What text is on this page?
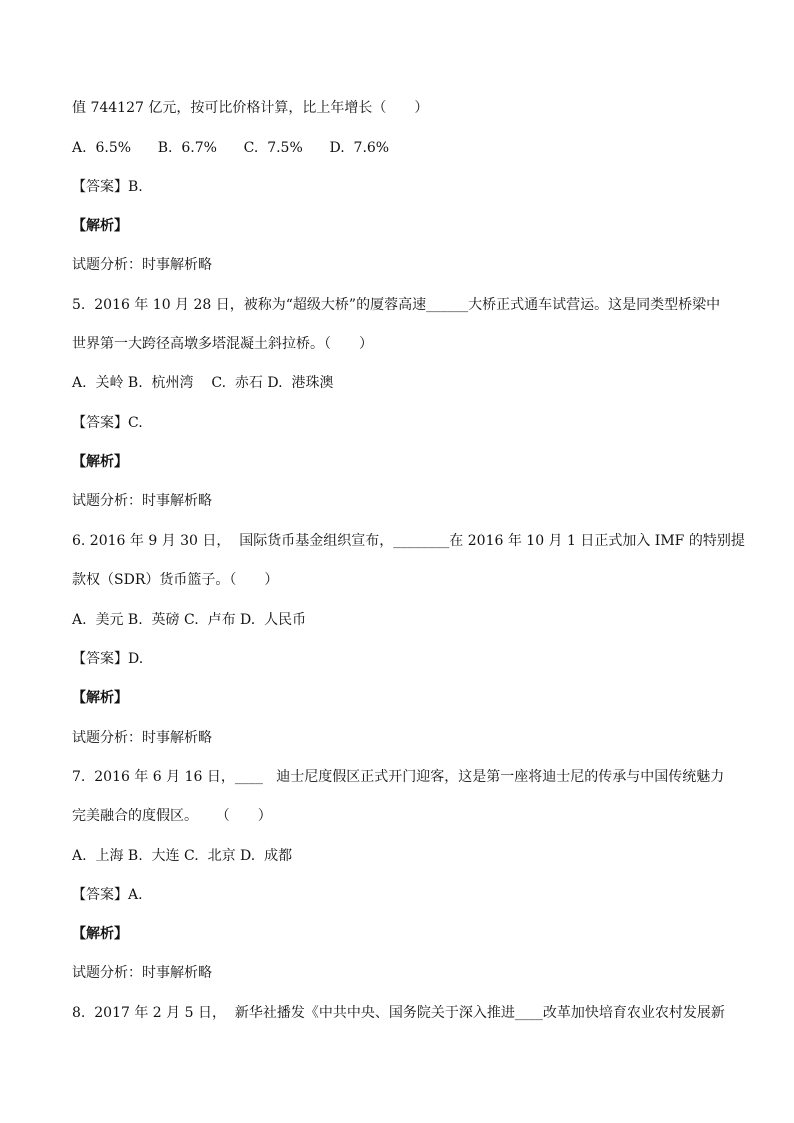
值 744127 亿元，按可比价格计算，比上年增长（　　）
A.  6.5%      B.  6.7%      C.  7.5%      D.  7.6%
【答案】B.
【解析】
试题分析：时事解析略
5.  2016 年 10 月 28 日，被称为“超级大桥”的厦蓉高速______大桥正式通车试营运。这是同类型桥梁中
世界第一大跨径高墩多塔混凝土斜拉桥。（　　）
A.  关岭 B.  杭州湾    C.  赤石 D.  港珠澳
【答案】C.
【解析】
试题分析：时事解析略
6. 2016 年 9 月 30 日，  国际货币基金组织宣布，________在 2016 年 10 月 1 日正式加入 IMF 的特别提
款权（SDR）货币篮子。（　　）
A.  美元 B.  英磅 C.  卢布 D.  人民币
【答案】D.
【解析】
试题分析：时事解析略
7.  2016 年 6 月 16 日，____   迪士尼度假区正式开门迎客，这是第一座将迪士尼的传承与中国传统魅力
完美融合的度假区。    （　　）
A.  上海 B.  大连 C.  北京 D.  成都
【答案】A.
【解析】
试题分析：时事解析略
8.  2017 年 2 月 5 日，  新华社播发《中共中央、国务院关于深入推进____改革加快培育农业农村发展新
